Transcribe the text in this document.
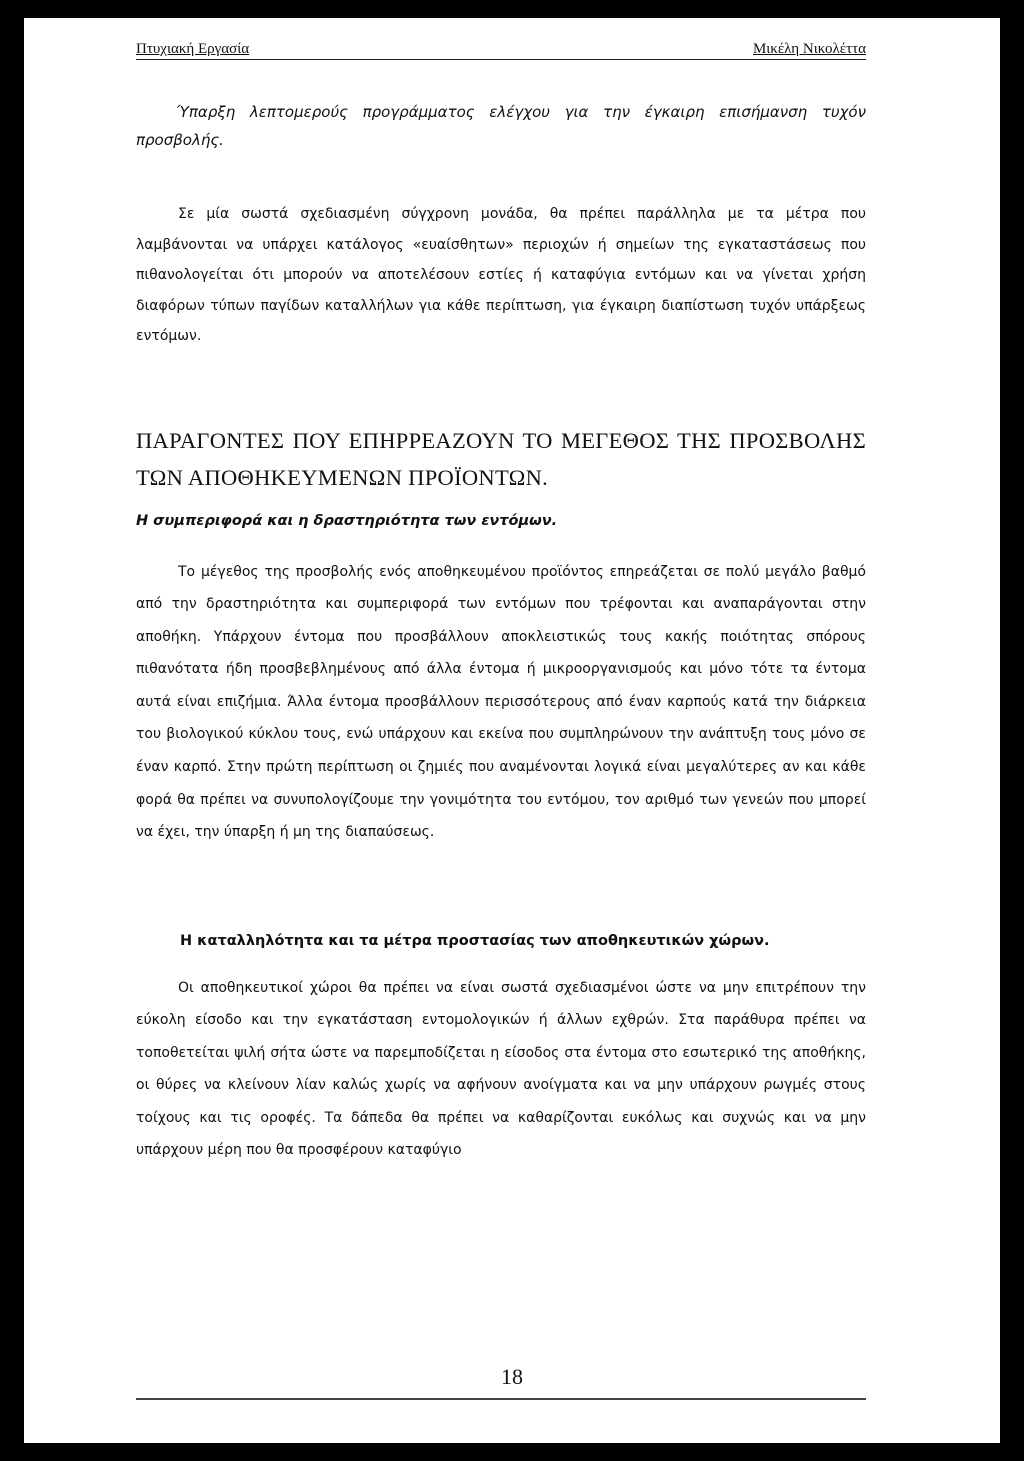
Πτυχιακή Εργασία	Μικέλη Νικολέττα

Ύπαρξη λεπτομερούς προγράμματος ελέγχου για την έγκαιρη επισήμανση τυχόν προσβολής.

Σε μία σωστά σχεδιασμένη σύγχρονη μονάδα, θα πρέπει παράλληλα με τα μέτρα που λαμβάνονται να υπάρχει κατάλογος «ευαίσθητων» περιοχών ή σημείων της εγκαταστάσεως που πιθανολογείται ότι μπορούν να αποτελέσουν εστίες ή καταφύγια εντόμων και να γίνεται χρήση διαφόρων τύπων παγίδων καταλλήλων για κάθε περίπτωση, για έγκαιρη διαπίστωση τυχόν υπάρξεως εντόμων.

ΠΑΡΑΓΟΝΤΕΣ ΠΟΥ ΕΠΗΡΡΕΑΖΟΥΝ ΤΟ ΜΕΓΕΘΟΣ ΤΗΣ ΠΡΟΣΒΟΛΗΣ ΤΩΝ ΑΠΟΘΗΚΕΥΜΕΝΩΝ ΠΡΟΪΟΝΤΩΝ.
Η συμπεριφορά και η δραστηριότητα των εντόμων.

Το μέγεθος της προσβολής ενός αποθηκευμένου προϊόντος επηρεάζεται σε πολύ μεγάλο βαθμό από την δραστηριότητα και συμπεριφορά των εντόμων που τρέφονται και αναπαράγονται στην αποθήκη. Υπάρχουν έντομα που προσβάλλουν αποκλειστικώς τους κακής ποιότητας σπόρους πιθανότατα ήδη προσβεβλημένους από άλλα έντομα ή μικροοργανισμούς και μόνο τότε τα έντομα αυτά είναι επιζήμια. Άλλα έντομα προσβάλλουν περισσότερους από έναν καρπούς κατά την διάρκεια του βιολογικού κύκλου τους, ενώ υπάρχουν και εκείνα που συμπληρώνουν την ανάπτυξη τους μόνο σε έναν καρπό. Στην πρώτη περίπτωση οι ζημιές που αναμένονται λογικά είναι μεγαλύτερες αν και κάθε φορά θα πρέπει να συνυπολογίζουμε την γονιμότητα του εντόμου, τον αριθμό των γενεών που μπορεί να έχει, την ύπαρξη ή μη της διαπαύσεως.

Η καταλληλότητα και τα μέτρα προστασίας των αποθηκευτικών χώρων.

Οι αποθηκευτικοί χώροι θα πρέπει να είναι σωστά σχεδιασμένοι ώστε να μην επιτρέπουν την εύκολη είσοδο και την εγκατάσταση εντομολογικών ή άλλων εχθρών. Στα παράθυρα πρέπει να τοποθετείται ψιλή σήτα ώστε να παρεμποδίζεται η είσοδος στα έντομα στο εσωτερικό της αποθήκης, οι θύρες να κλείνουν λίαν καλώς χωρίς να αφήνουν ανοίγματα και να μην υπάρχουν ρωγμές στους τοίχους και τις οροφές. Τα δάπεδα θα πρέπει να καθαρίζονται ευκόλως και συχνώς και να μην υπάρχουν μέρη που θα προσφέρουν καταφύγιο

18
